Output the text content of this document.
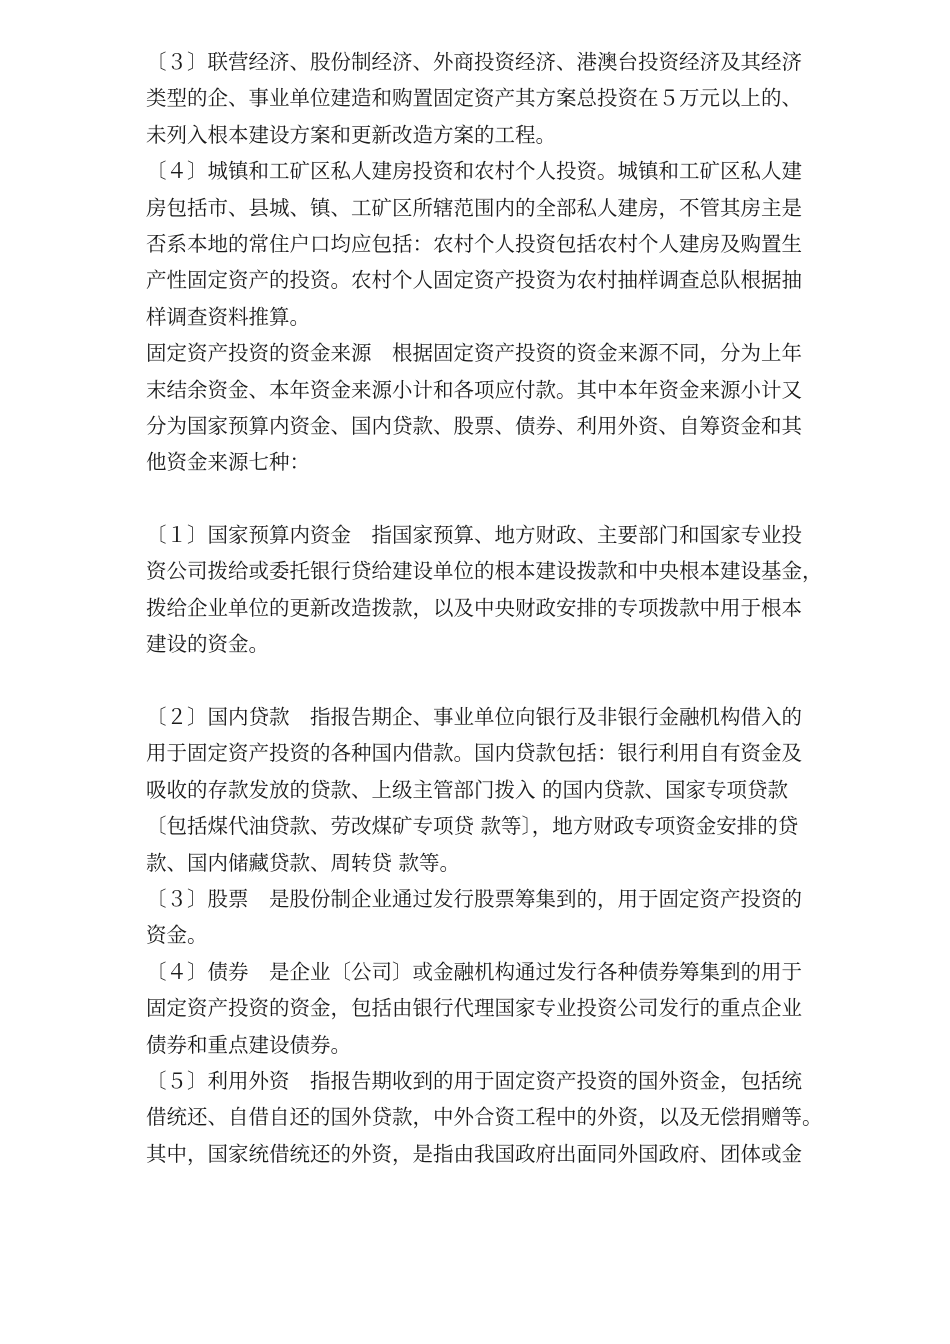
〔３〕联营经济、股份制经济、外商投资经济、港澳台投资经济及其经济
类型的企、事业单位建造和购置固定资产其方案总投资在５万元以上的、
未列入根本建设方案和更新改造方案的工程。
〔４〕城镇和工矿区私人建房投资和农村个人投资。城镇和工矿区私人建
房包括市、县城、镇、工矿区所辖范围内的全部私人建房，不管其房主是
否系本地的常住户口均应包括：农村个人投资包括农村个人建房及购置生
产性固定资产的投资。农村个人固定资产投资为农村抽样调查总队根据抽
样调查资料推算。
固定资产投资的资金来源　根据固定资产投资的资金来源不同，分为上年
末结余资金、本年资金来源小计和各项应付款。其中本年资金来源小计又
分为国家预算内资金、国内贷款、股票、债券、利用外资、自筹资金和其
他资金来源七种：
〔１〕国家预算内资金　指国家预算、地方财政、主要部门和国家专业投
资公司拨给或委托银行贷给建设单位的根本建设拨款和中央根本建设基金，
拨给企业单位的更新改造拨款，以及中央财政安排的专项拨款中用于根本
建设的资金。
〔２〕国内贷款　指报告期企、事业单位向银行及非银行金融机构借入的
用于固定资产投资的各种国内借款。国内贷款包括：银行利用自有资金及
吸收的存款发放的贷款、上级主管部门拨入 的国内贷款、国家专项贷款
〔包括煤代油贷款、劳改煤矿专项贷 款等〕，地方财政专项资金安排的贷
款、国内储藏贷款、周转贷 款等。
〔３〕股票　是股份制企业通过发行股票筹集到的，用于固定资产投资的
资金。
〔４〕债券　是企业〔公司〕或金融机构通过发行各种债券筹集到的用于
固定资产投资的资金，包括由银行代理国家专业投资公司发行的重点企业
债券和重点建设债券。
〔５〕利用外资　指报告期收到的用于固定资产投资的国外资金，包括统
借统还、自借自还的国外贷款，中外合资工程中的外资，以及无偿捐赠等。
其中，国家统借统还的外资，是指由我国政府出面同外国政府、团体或金
